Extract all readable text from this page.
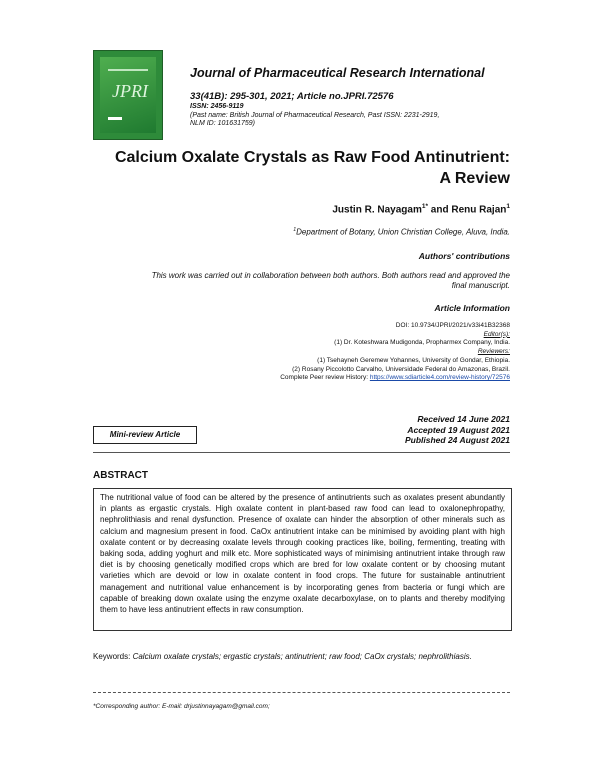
JPRI
Journal of Pharmaceutical Research International
33(41B): 295-301, 2021; Article no.JPRI.72576
ISSN: 2456-9119
(Past name: British Journal of Pharmaceutical Research, Past ISSN: 2231-2919,
NLM ID: 101631759)
Calcium Oxalate Crystals as Raw Food Antinutrient:
A Review
Justin R. Nayagam$^{1*}$ and Renu Rajan$^1$
$^1$Department of Botany, Union Christian College, Aluva, India.
Authors' contributions
This work was carried out in collaboration between both authors. Both authors read and approved the
final manuscript.
Article Information
DOI: 10.9734/JPRI/2021/v33i41B32368
Editor(s):
(1) Dr. Koteshwara Mudigonda, Propharmex Company, India.
Reviewers:
(1) Tsehayneh Geremew Yohannes, University of Gondar, Ethiopia.
(2) Rosany Piccolotto Carvalho, Universidade Federal do Amazonas, Brazil.
Complete Peer review History: https://www.sdiarticle4.com/review-history/72576
Mini-review Article
Received 14 June 2021
Accepted 19 August 2021
Published 24 August 2021
ABSTRACT
The nutritional value of food can be altered by the presence of antinutrients such as oxalates present abundantly in plants as ergastic crystals. High oxalate content in plant-based raw food can lead to oxalonephropathy, nephrolithiasis and renal dysfunction. Presence of oxalate can hinder the absorption of other minerals such as calcium and magnesium present in food. CaOx antinutrient intake can be minimised by avoiding plant with high oxalate content or by decreasing oxalate levels through cooking practices like, boiling, fermenting, treating with baking soda, adding yoghurt and milk etc. More sophisticated ways of minimising antinutrient intake through raw diet is by choosing genetically modified crops which are bred for low oxalate content or by choosing mutant varieties which are devoid or low in oxalate content in food crops. The future for sustainable antinutrient management and nutritional value enhancement is by incorporating genes from bacteria or fungi which are capable of breaking down oxalate using the enzyme oxalate decarboxylase, on to plants and thereby modifying them to have less antinutrient effects in raw consumption.
Keywords: Calcium oxalate crystals; ergastic crystals; antinutrient; raw food; CaOx crystals; nephrolithiasis.
*Corresponding author: E-mail: drjustinnayagam@gmail.com;
